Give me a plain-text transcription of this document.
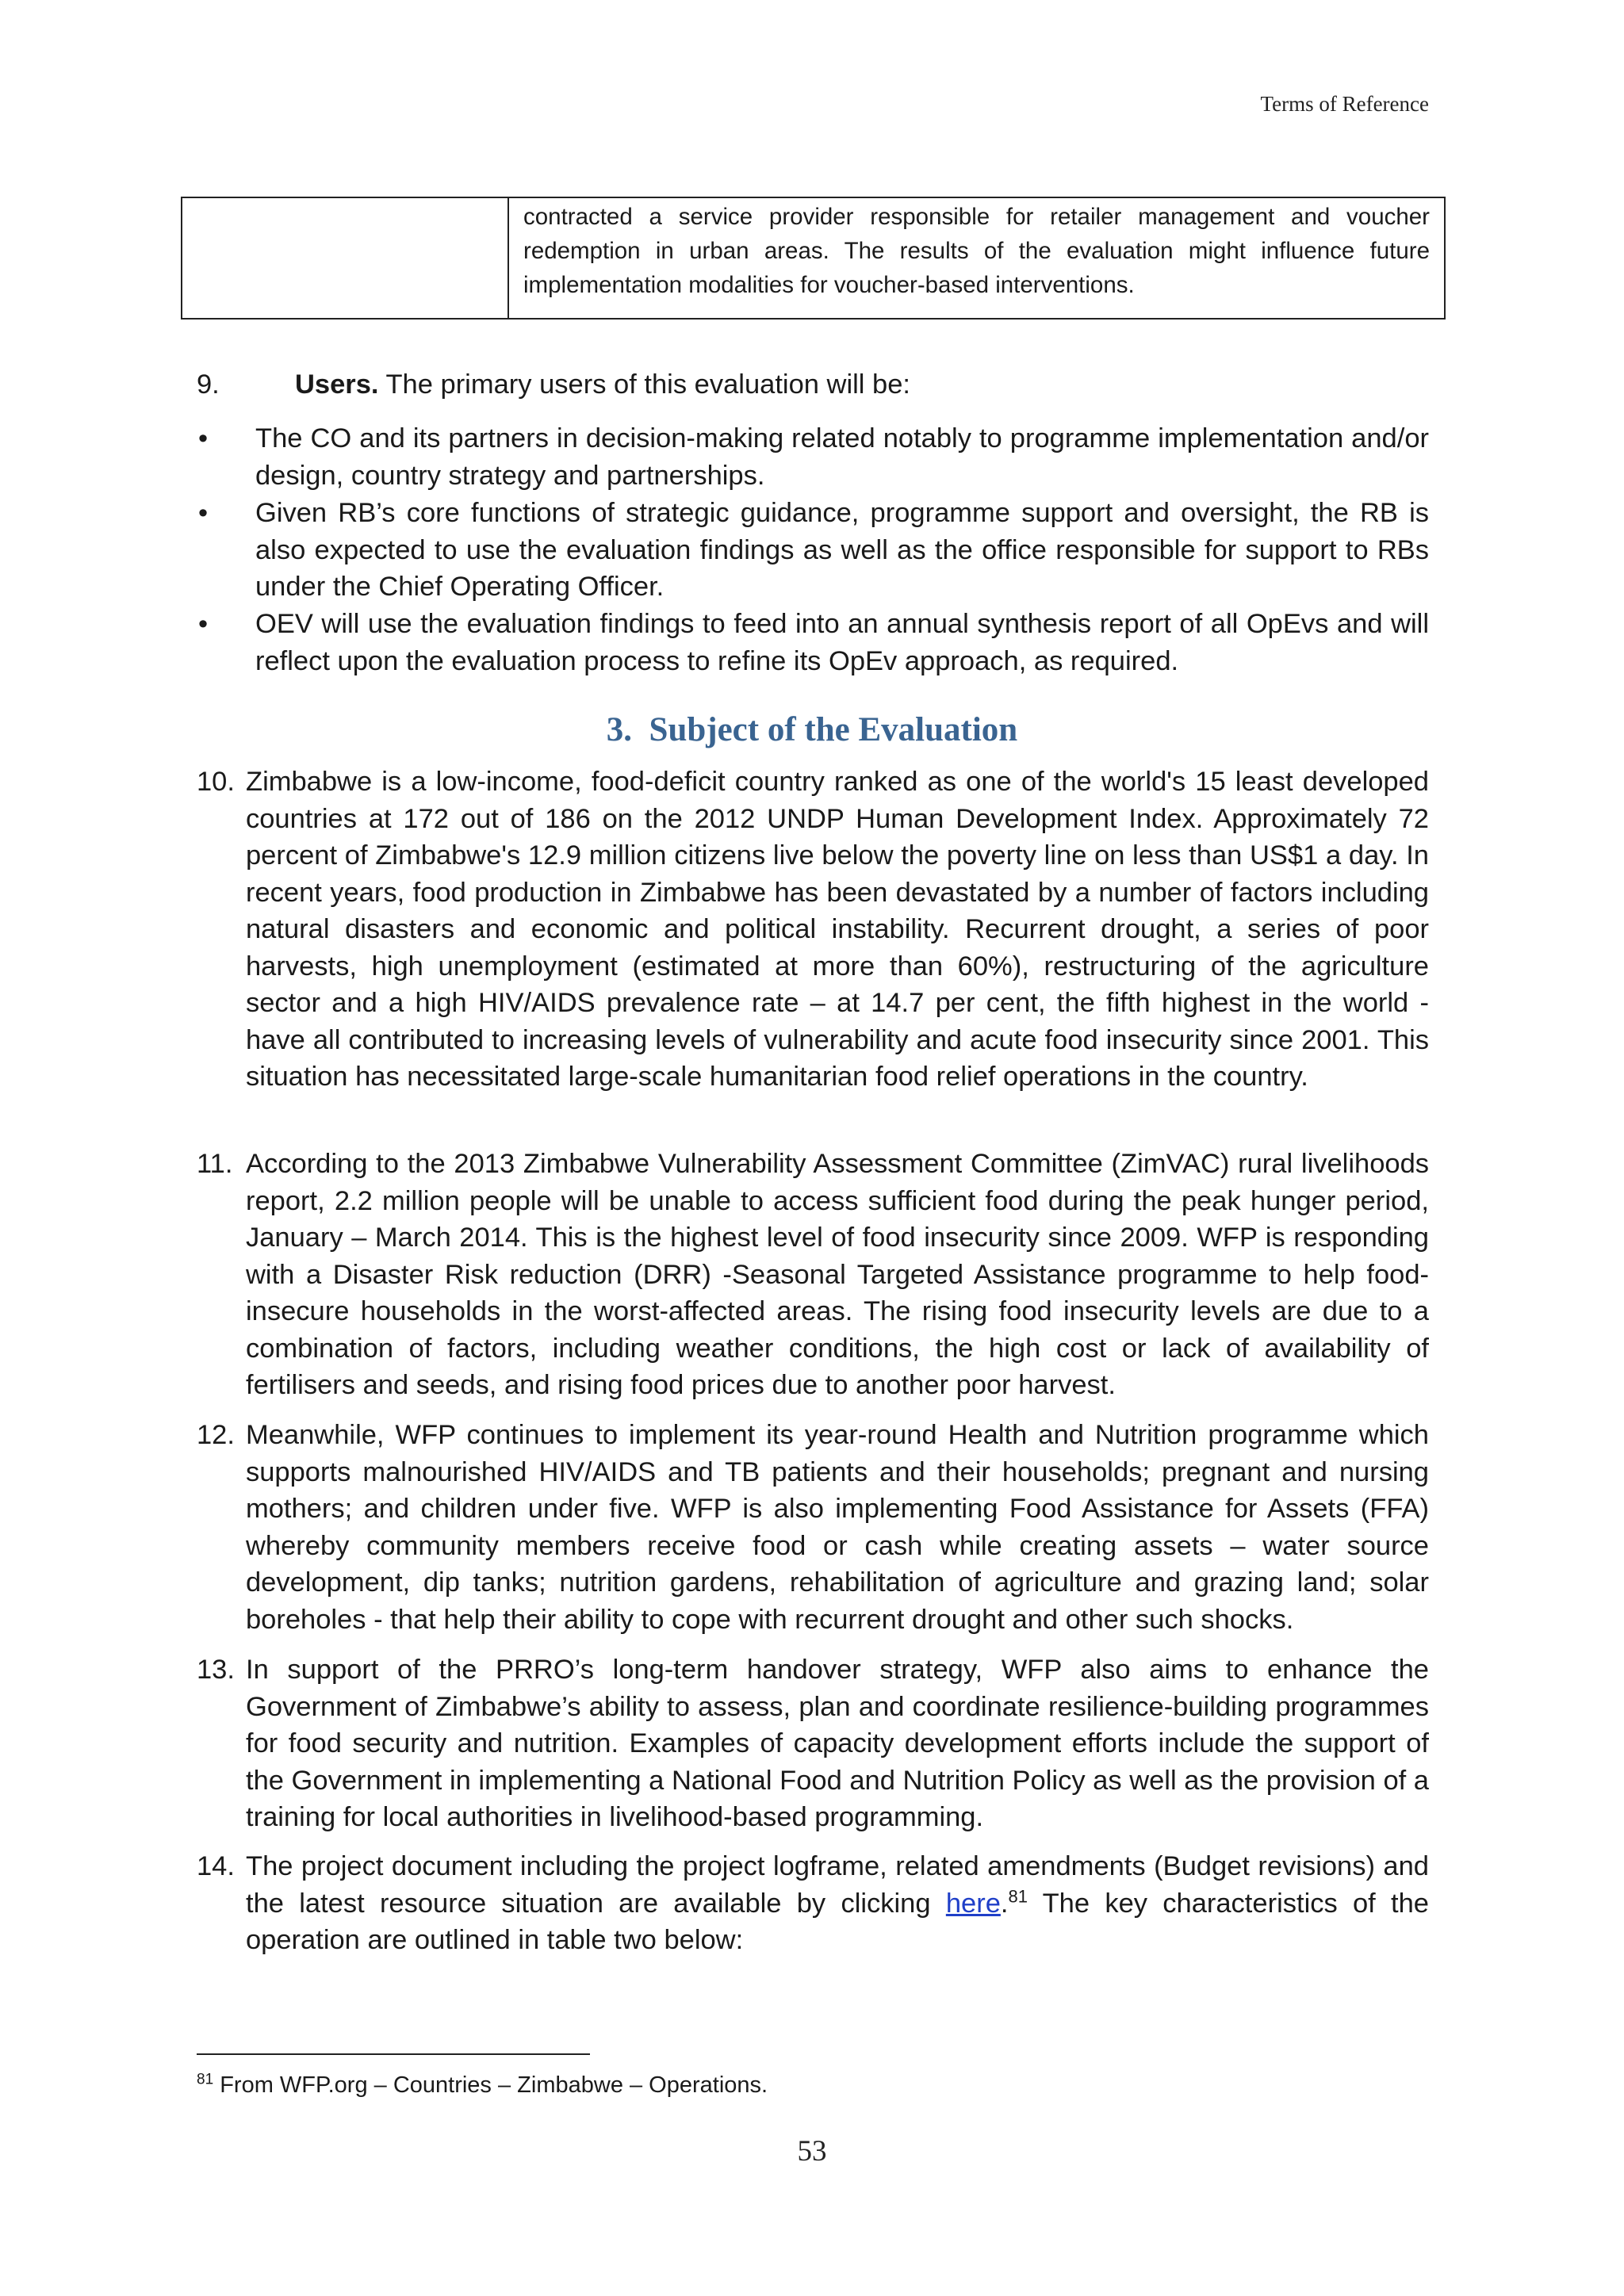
Terms of Reference
	contracted a service provider responsible for retailer management and voucher redemption in urban areas. The results of the evaluation might influence future implementation modalities for voucher-based interventions.
9.	Users. The primary users of this evaluation will be:
• The CO and its partners in decision-making related notably to programme implementation and/or design, country strategy and partnerships.
• Given RB’s core functions of strategic guidance, programme support and oversight, the RB is also expected to use the evaluation findings as well as the office responsible for support to RBs under the Chief Operating Officer.
• OEV will use the evaluation findings to feed into an annual synthesis report of all OpEvs and will reflect upon the evaluation process to refine its OpEv approach, as required.
3. Subject of the Evaluation
10. Zimbabwe is a low-income, food-deficit country ranked as one of the world's 15 least developed countries at 172 out of 186 on the 2012 UNDP Human Development Index. Approximately 72 percent of Zimbabwe's 12.9 million citizens live below the poverty line on less than US$1 a day. In recent years, food production in Zimbabwe has been devastated by a number of factors including natural disasters and economic and political instability. Recurrent drought, a series of poor harvests, high unemployment (estimated at more than 60%), restructuring of the agriculture sector and a high HIV/AIDS prevalence rate – at 14.7 per cent, the fifth highest in the world - have all contributed to increasing levels of vulnerability and acute food insecurity since 2001. This situation has necessitated large-scale humanitarian food relief operations in the country.
11. According to the 2013 Zimbabwe Vulnerability Assessment Committee (ZimVAC) rural livelihoods report, 2.2 million people will be unable to access sufficient food during the peak hunger period, January – March 2014. This is the highest level of food insecurity since 2009. WFP is responding with a Disaster Risk reduction (DRR) -Seasonal Targeted Assistance programme to help food-insecure households in the worst-affected areas. The rising food insecurity levels are due to a combination of factors, including weather conditions, the high cost or lack of availability of fertilisers and seeds, and rising food prices due to another poor harvest.
12. Meanwhile, WFP continues to implement its year-round Health and Nutrition programme which supports malnourished HIV/AIDS and TB patients and their households; pregnant and nursing mothers; and children under five. WFP is also implementing Food Assistance for Assets (FFA) whereby community members receive food or cash while creating assets – water source development, dip tanks; nutrition gardens, rehabilitation of agriculture and grazing land; solar boreholes - that help their ability to cope with recurrent drought and other such shocks.
13. In support of the PRRO’s long-term handover strategy, WFP also aims to enhance the Government of Zimbabwe’s ability to assess, plan and coordinate resilience-building programmes for food security and nutrition. Examples of capacity development efforts include the support of the Government in implementing a National Food and Nutrition Policy as well as the provision of a training for local authorities in livelihood-based programming.
14. The project document including the project logframe, related amendments (Budget revisions) and the latest resource situation are available by clicking here.$^{81}$ The key characteristics of the operation are outlined in table two below:
$^{81}$ From WFP.org – Countries – Zimbabwe – Operations.
53
